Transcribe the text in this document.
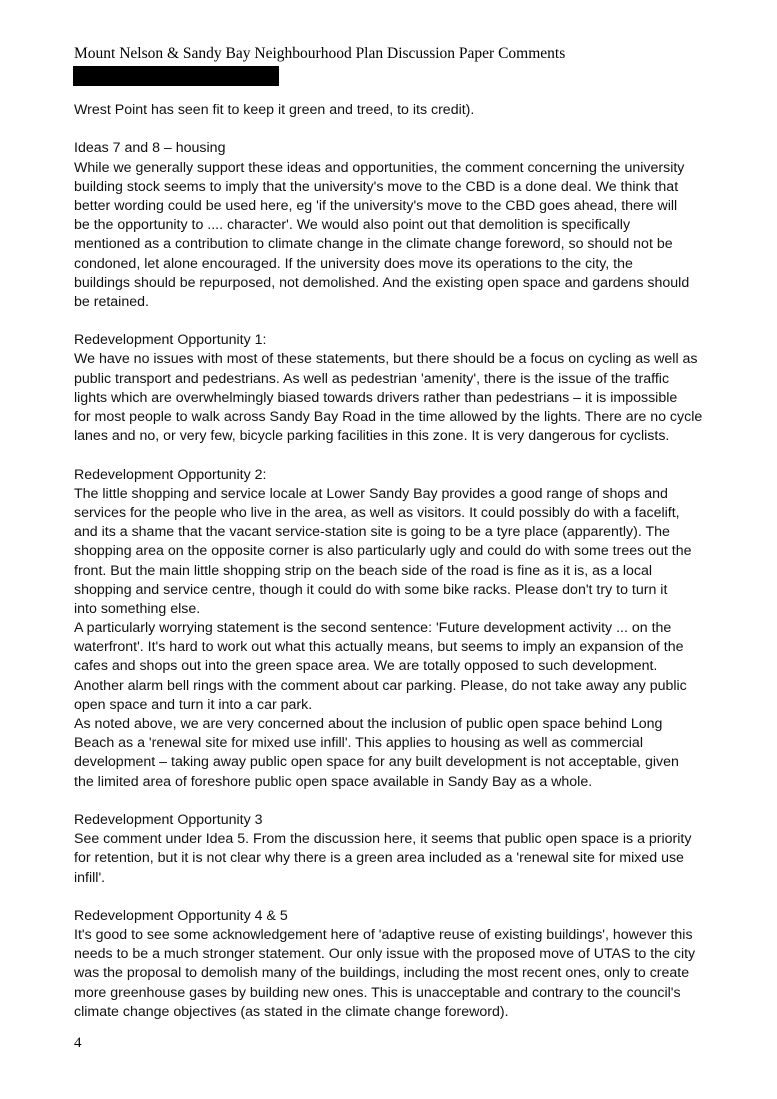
Mount Nelson & Sandy Bay Neighbourhood Plan Discussion Paper Comments
Wrest Point has seen fit to keep it green and treed, to its credit).
Ideas 7 and 8 – housing
While we generally support these ideas and opportunities, the comment concerning the university
building stock seems to imply that the university's move to the CBD is a done deal. We think that
better wording could be used here, eg 'if the university's move to the CBD goes ahead, there will
be the opportunity to .... character'. We would also point out that demolition is specifically
mentioned as a contribution to climate change in the climate change foreword, so should not be
condoned, let alone encouraged. If the university does move its operations to the city, the
buildings should be repurposed, not demolished. And the existing open space and gardens should
be retained.
Redevelopment Opportunity 1:
We have no issues with most of these statements, but there should be a focus on cycling as well as
public transport and pedestrians. As well as pedestrian 'amenity', there is the issue of the traffic
lights which are overwhelmingly biased towards drivers rather than pedestrians – it is impossible
for most people to walk across Sandy Bay Road in the time allowed by the lights. There are no cycle
lanes and no, or very few, bicycle parking facilities in this zone. It is very dangerous for cyclists.
Redevelopment Opportunity 2:
The little shopping and service locale at Lower Sandy Bay provides a good range of shops and
services for the people who live in the area, as well as visitors. It could possibly do with a facelift,
and its a shame that the vacant service-station site is going to be a tyre place (apparently). The
shopping area on the opposite corner is also particularly ugly and could do with some trees out the
front. But the main little shopping strip on the beach side of the road is fine as it is, as a local
shopping and service centre, though it could do with some bike racks. Please don't try to turn it
into something else.
A particularly worrying statement is the second sentence: 'Future development activity ... on the
waterfront'. It's hard to work out what this actually means, but seems to imply an expansion of the
cafes and shops out into the green space area. We are totally opposed to such development.
Another alarm bell rings with the comment about car parking. Please, do not take away any public
open space and turn it into a car park.
As noted above, we are very concerned about the inclusion of public open space behind Long
Beach as a 'renewal site for mixed use infill'. This applies to housing as well as commercial
development – taking away public open space for any built development is not acceptable, given
the limited area of foreshore public open space available in Sandy Bay as a whole.
Redevelopment Opportunity 3
See comment under Idea 5. From the discussion here, it seems that public open space is a priority
for retention, but it is not clear why there is a green area included as a 'renewal site for mixed use
infill'.
Redevelopment Opportunity 4 & 5
It's good to see some acknowledgement here of 'adaptive reuse of existing buildings', however this
needs to be a much stronger statement. Our only issue with the proposed move of UTAS to the city
was the proposal to demolish many of the buildings, including the most recent ones, only to create
more greenhouse gases by building new ones. This is unacceptable and contrary to the council's
climate change objectives (as stated in the climate change foreword).
4
